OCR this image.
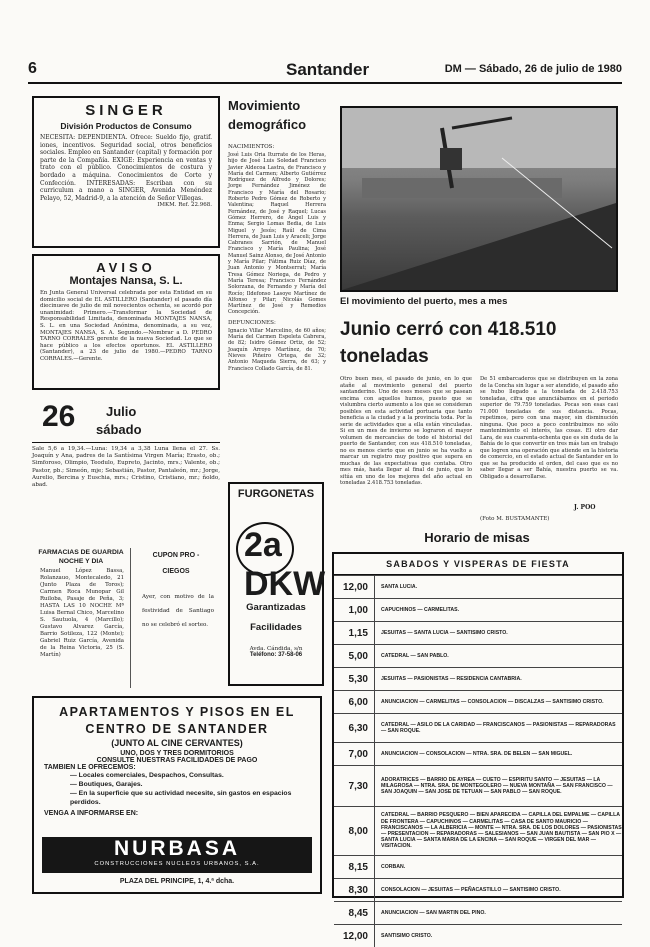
6	Santander	DM — Sábado, 26 de julio de 1980
SINGER
División Productos de Consumo

NECESITA: DEPENDIENTA. Ofrece: Sueldo fijo, gratif. iones, incentivos. Seguridad social, otros beneficios sociales. Empleo en Santander (capital) y formación por parte de la Compañía. EXIGE: Experiencia en ventas y trato con el público. Conocimientos de costura y bordado a máquina. Conocimientos de Corte y Confección. INTERESADAS: Escriban con su curriculum a mano a SINGER, Avenida Menéndez Pelayo, 52, Madrid-9, a la atención de Señor Villegas.

IMKM. Ref. 22.968.
AVISO
Montajes Nansa, S. L.

En Junta General Universal celebrada por esta Entidad en su domicilio social de EL ASTILLERO (Santander) el pasado día diecinueve de julio de mil novecientos ochenta, se acordó por unanimidad: Primero.—Transformar la Sociedad de Responsabilidad Limitada, denominada MONTAJES NANSA, S. L. en una Sociedad Anónima, denominada, a su vez, MONTAJES NANSA, S. A. Segundo.—Nombrar a D. PEDRO TARNO CORRALES gerente de la nueva Sociedad. Lo que se hace público a los efectos oportunos. EL ASTILLERO (Santander), a 23 de julio de 1980.—PEDRO TARNO CORRALES.—Gerente.

26 Julio
sábado

Sale 5,6 a 19,34.—Luna: 19,34 a 3,38 Luna llena el 27. Ss. Joaquín y Ana, padres de la Santísima Virgen María; Erasto, ob.; Simforoso, Olimpio, Teodulo, Eupreto, Jacinto, mrs.; Valente, ob.; Pastor, pb.; Simeón, mje; Sebastián, Pastor, Pantaleón, mr.; Jorge, Aurelio, Bercina y Euschia, mrs.; Cristino, Cristiano, mr.; ñoldo, abad.

FARMACIAS DE GUARDIA NOCHE Y DIA

Manuel López Bassa, Rolanzauo, Montecaledo, 21 (Junto Plaza de Toros); Carmen Roca Munopar Gil Ruiloba, Pasaje de Peña, 3; HASTA LAS 10 NOCHE Mª Luisa Bernal Chico, Marcelino S. Sautuola, 4 (Marcillo); Gustavo Alvarez García, Barrio Sotileza, 122 (Monte); Gabriel Ruiz García, Avenida de la Reina Victoria, 25 (S. Martín)

CUPON PRO - CIEGOS

Ayer, con motivo de la festividad de Santiago no se celebró el sorteo.

APARTAMENTOS Y PISOS EN EL CENTRO DE SANTANDER
(JUNTO AL CINE CERVANTES)
UNO, DOS Y TRES DORMITORIOS
CONSULTE NUESTRAS FACILIDADES DE PAGO
TAMBIEN LE OFRECEMOS:
— Locales comerciales, Despachos, Consultas.
— Boutiques, Garajes.
— En la superficie que su actividad necesite, sin gastos en espacios perdidos.
VENGA A INFORMARSE EN:
NURBASA
CONSTRUCCIONES NUCLEOS URBANOS, S.A.
PLAZA DEL PRINCIPE, 1, 4.ª dcha.
Movimiento demográfico
NACIMIENTOS:

José Luis Oria Iturrate de los Heras, hijo de José Luis Soledad Francisco Javier Aldecoa Lastra, de Francisco y María del Carmen; Alberto Gutiérrez Rodríguez de Alfredo y Dolores; Jorge Fernández Jiménez de Francisco y María del Rosario; Roberto Pedro Gómez de Roberto y Valentina; Raquel Herrera Fernández, de José y Raquel; Lucas Gómez Herrero, de Ángel Luis y Enma; Sergio Lomas Bedia, de Luis Miguel y Jesús; Raúl de Cima Herrera, de Juan Luis y Araceli; Jorge Cabranes Sarrión, de Manuel Francisco y María Paulina; José Manuel Sainz Alonso, de José Antonio y María Pilar; Fátima Ruiz Díaz, de Juan Antonio y Montserrat; María Tresa Gómez Noriega, de Pedro y María Teresa; Francisco Fernández Solorzana, de Fernando y María del Rocío; Ildefonso Lasoye Martínez de Alfonso y Pilar; Nicolás Gomes Martínez de José y Remedios Concepción.

DEFUNCIONES:

Ignacio Villar Marcelino, de 60 años; María del Carmen Espeleta Cabrera, de 82; Isidro Gómez Ortiz, de 52; Joaquín Arroyo Martínez, de 70; Nieves Piñeiro Ortega, de 32; Antonio Maqueda Sierra, de 63; y Francisco Collado García, de 81.

FURGONETAS
2a DKW
Garantizadas Facilidades
Avda. Cándida, s/n
Teléfono: 37-58-06
El movimiento del puerto, mes a mes
Junio cerró con 418.510 toneladas

Otro buen mes, el pasado de junio, en lo que atañe al movimiento general del puerto santanderino. Uno de esos meses que se pasean encima con aquellos humos, puesto que se vislumbra cierto aumento a los que se consideran posibles en esta actividad portuaria que tanto beneficia a la ciudad y a la provincia toda. Por la serie de actividades que a ella están vinculadas. Si en un mes de invierno se lograron el mayor volumen de mercancías de todo el historial del puerto de Santander, con sus 418.510 toneladas, no es menos cierto que en junio se ha vuelto a marcar un registro muy positivo que supera en muchas de las expectativas que contaba. Otro mes más, hasta llegar al final de junio, que lo sitúa en uno de los mejores del año actual en toneladas 2.418.753 toneladas.

De 51 embarcaderos que se distribuyen en la zona de la Concha sin lugar a ser atendido, el pasado año se hubo llegado a la tonelada de 2.418.753 toneladas, cifra que anunciábamos en el periodo superior de 79.759 toneladas. Pocas son esas casi 71.000 toneladas de sus distancia. Pocas, repetimos, pero con una mayor, sin disminución ninguna. Que poco a poco contribuimos no sólo mantenimiento el interés, las cosas. El otro dar Lara, de sus cuarenta-ochenta que es sin duda de la Bahía de lo que convertir en tres más tan en trabajo que logren una operación que atiende en la historia de comercio, en el estado actual de Santander en lo que se ha producido el orden, del caso que es no saber llegar a ser Bahía, nuestra puerto se va. Obligado a desarrollarse.

J. POO
(Foto M. BUSTAMANTE)
Horario de misas
SABADOS Y VISPERAS DE FIESTA
12,00	SANTA LUCIA.
1,00	CAPUCHINOS — CARMELITAS.
1,15	JESUITAS — SANTA LUCIA — SANTISIMO CRISTO.
5,00	CATEDRAL — SAN PABLO.
5,30	JESUITAS — PASIONISTAS — RESIDENCIA CANTABRIA.
6,00	ANUNCIACION — CARMELITAS — CONSOLACION — DISCALZAS — SANTISIMO CRISTO.
6,30	CATEDRAL — ASILO DE LA CARIDAD — FRANCISCANOS — PASIONISTAS — REPARADORAS — SAN ROQUE.
7,00	ANUNCIACION — CONSOLACION — NTRA. SRA. DE BELEN — SAN MIGUEL.
7,30
ADORATRICES — BARRIO DE AYREA — CUETO — ESPIRITU SANTO — JESUITAS — LA MILAGROSA — NTRA. SRA. DE MONTEGOLERO — NUEVA MONTAÑA — SAN FRANCISCO — SAN JOAQUIN — SAN JOSE DE TETUAN — SAN PABLO — SAN ROQUE.
8,00
CATEDRAL — BARRIO PESQUERO — BIEN APARECIDA — CAPILLA DEL EMPALME — CAPILLA DE FRONTERA — CAPUCHINOS — CARMELITAS — CASA DE SANTO MAURICIO — FRANCISCANOS — LA ALBERICIA — MONTE — NTRA. SRA. DE LOS DOLORES — PASIONISTAS — PRESENTACION — REPARADORAS — SALESIANOS — SAN JUAN BAUTISTA — SAN PIO X — SANTA LUCIA — SANTA MARIA DE LA ENCINA — SAN ROQUE — VIRGEN DEL MAR — VISITACION.
8,15	CORBAN.
8,30	CONSOLACION — JESUITAS — PEÑACASTILLO — SANTISIMO CRISTO.
8,45	ANUNCIACION — SAN MARTIN DEL PINO.
12,00	SANTISIMO CRISTO.
